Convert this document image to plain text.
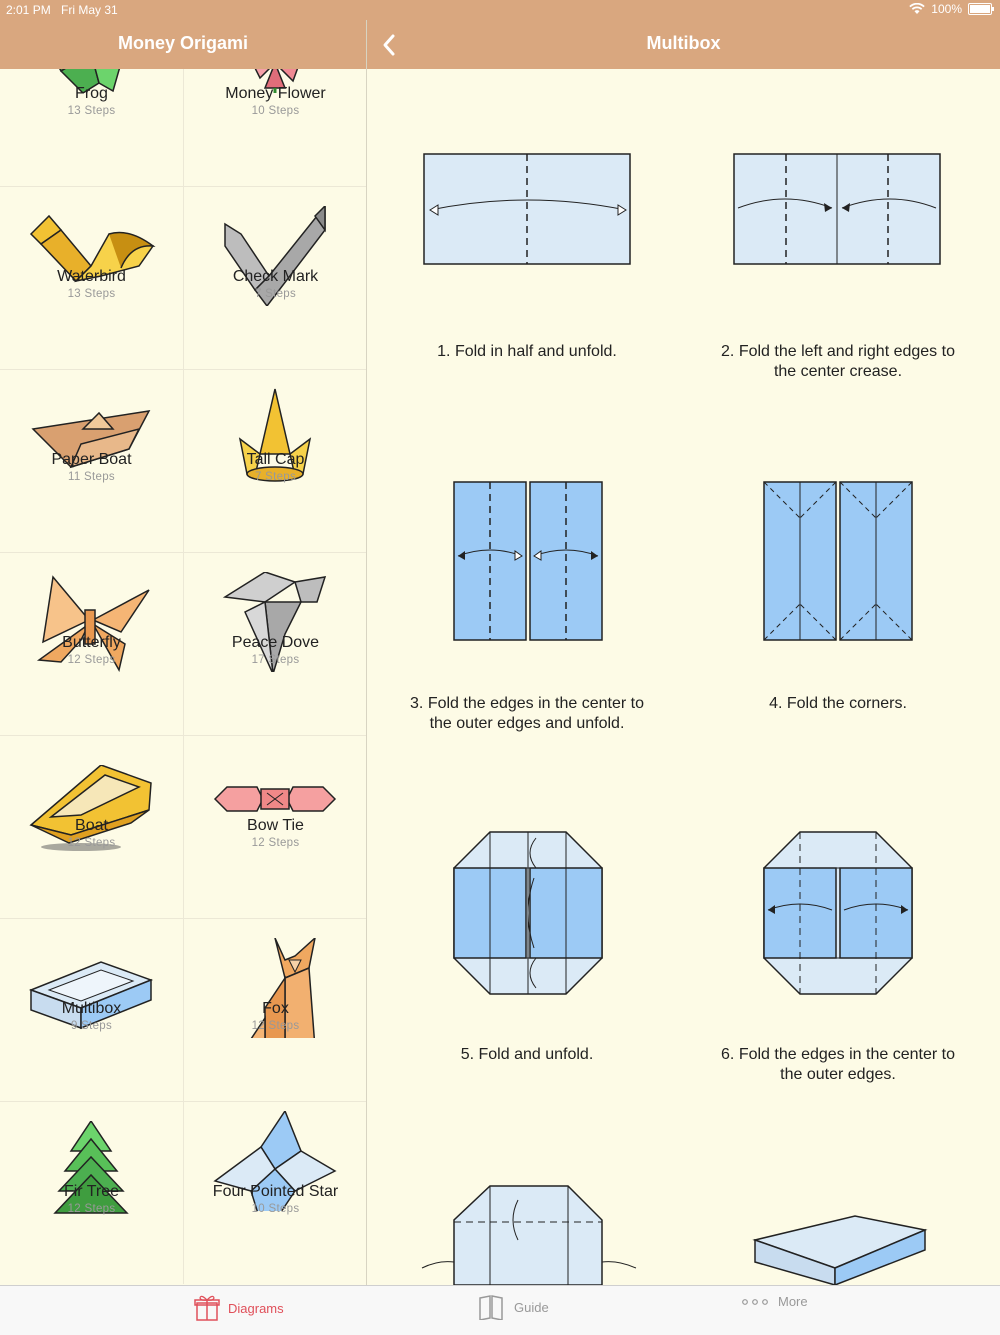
2:01 PM Fri May 31	100%
Money Origami	Multibox
Frog
13 Steps
Money Flower
10 Steps
Waterbird
13 Steps
Check Mark
7 Steps
Paper Boat
11 Steps
Tall Cap
7 Steps
Butterfly
12 Steps
Peace Dove
17 Steps
Boat
12 Steps
Bow Tie
12 Steps
Multibox
9 Steps
Fox
12 Steps
Fir Tree
12 Steps
Four Pointed Star
10 Steps
1. Fold in half and unfold.	2. Fold the left and right edges to the center crease.
3. Fold the edges in the center to the outer edges and unfold.
4. Fold the corners.
5. Fold and unfold.	6. Fold the edges in the center to the outer edges.
Diagrams	Guide	More
